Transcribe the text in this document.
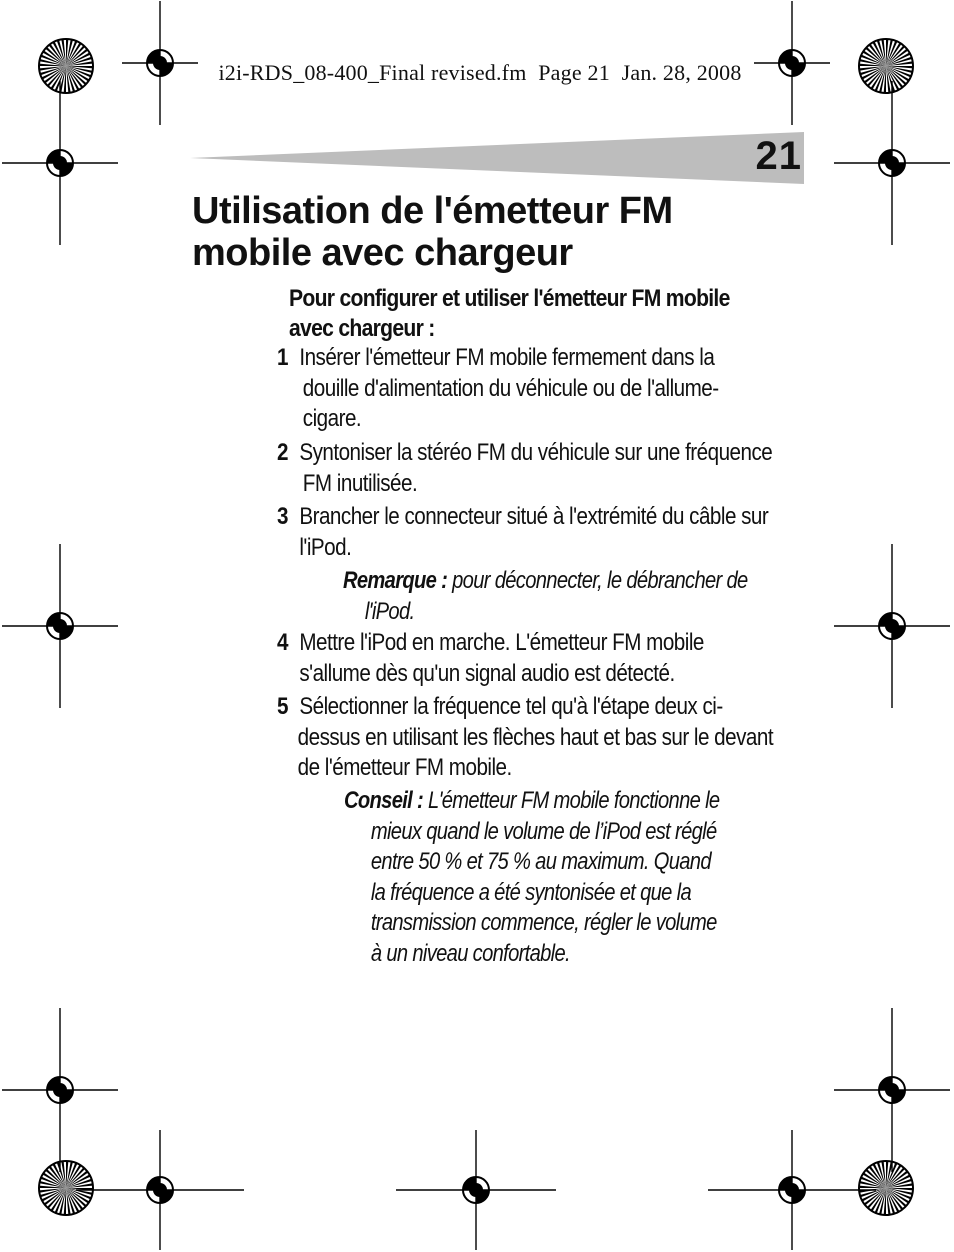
i2i-RDS_08-400_Final revised.fm Page 21 Jan. 28, 2008
21
Utilisation de l'émetteur FM
mobile avec chargeur
Pour configurer et utiliser l'émetteur FM mobile
avec chargeur :
1 Insérer l'émetteur FM mobile fermement dans la
douille d'alimentation du véhicule ou de l'allume-
cigare.
2 Syntoniser la stéréo FM du véhicule sur une fréquence
FM inutilisée.
3 Brancher le connecteur situé à l'extrémité du câble sur
l'iPod.
Remarque : pour déconnecter, le débrancher de
l'iPod.
4 Mettre l'iPod en marche. L'émetteur FM mobile
s'allume dès qu'un signal audio est détecté.
5 Sélectionner la fréquence tel qu'à l'étape deux ci-
dessus en utilisant les flèches haut et bas sur le devant
de l'émetteur FM mobile.
Conseil : L'émetteur FM mobile fonctionne le
mieux quand le volume de l’iPod est réglé
entre 50 % et 75 % au maximum. Quand
la fréquence a été syntonisée et que la
transmission commence, régler le volume
à un niveau confortable.
